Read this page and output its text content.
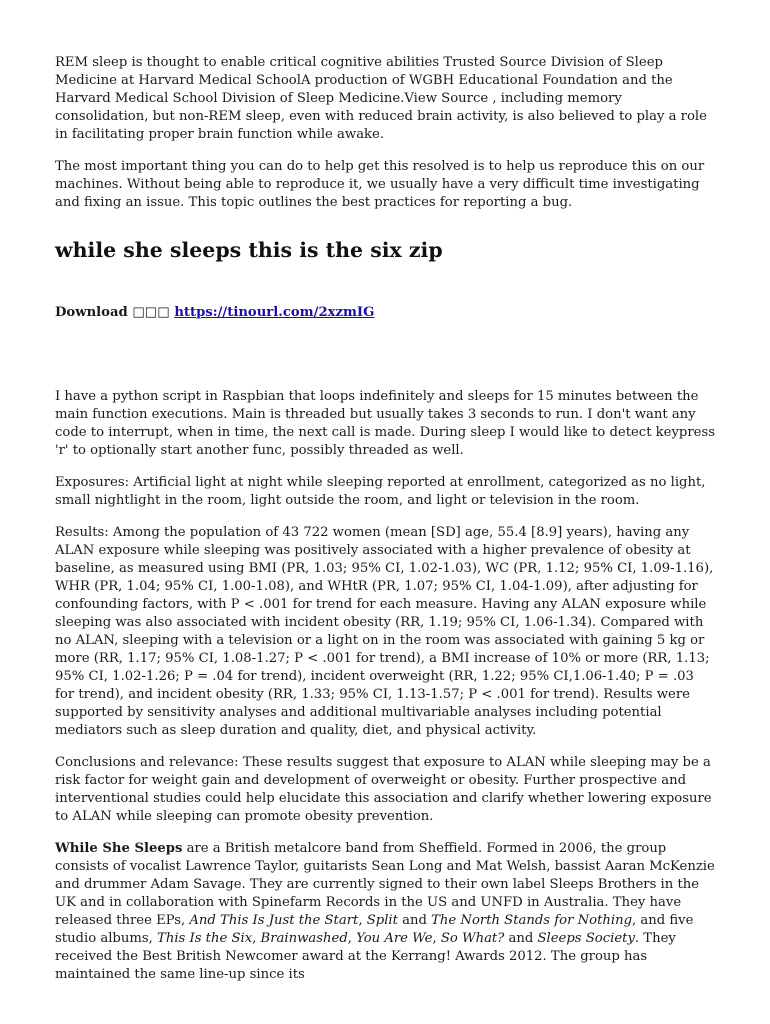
REM sleep is thought to enable critical cognitive abilities Trusted Source Division of Sleep Medicine at Harvard Medical SchoolA production of WGBH Educational Foundation and the Harvard Medical School Division of Sleep Medicine.View Source , including memory consolidation, but non-REM sleep, even with reduced brain activity, is also believed to play a role in facilitating proper brain function while awake.

The most important thing you can do to help get this resolved is to help us reproduce this on our machines. Without being able to reproduce it, we usually have a very difficult time investigating and fixing an issue. This topic outlines the best practices for reporting a bug.

while she sleeps this is the six zip
Download □□□ https://tinourl.com/2xzmIG

I have a python script in Raspbian that loops indefinitely and sleeps for 15 minutes between the main function executions. Main is threaded but usually takes 3 seconds to run. I don't want any code to interrupt, when in time, the next call is made. During sleep I would like to detect keypress 'r' to optionally start another func, possibly threaded as well.

Exposures: Artificial light at night while sleeping reported at enrollment, categorized as no light, small nightlight in the room, light outside the room, and light or television in the room.

Results: Among the population of 43 722 women (mean [SD] age, 55.4 [8.9] years), having any ALAN exposure while sleeping was positively associated with a higher prevalence of obesity at baseline, as measured using BMI (PR, 1.03; 95% CI, 1.02-1.03), WC (PR, 1.12; 95% CI, 1.09-1.16), WHR (PR, 1.04; 95% CI, 1.00-1.08), and WHtR (PR, 1.07; 95% CI, 1.04-1.09), after adjusting for confounding factors, with P < .001 for trend for each measure. Having any ALAN exposure while sleeping was also associated with incident obesity (RR, 1.19; 95% CI, 1.06-1.34). Compared with no ALAN, sleeping with a television or a light on in the room was associated with gaining 5 kg or more (RR, 1.17; 95% CI, 1.08-1.27; P < .001 for trend), a BMI increase of 10% or more (RR, 1.13; 95% CI, 1.02-1.26; P = .04 for trend), incident overweight (RR, 1.22; 95% CI,1.06-1.40; P = .03 for trend), and incident obesity (RR, 1.33; 95% CI, 1.13-1.57; P < .001 for trend). Results were supported by sensitivity analyses and additional multivariable analyses including potential mediators such as sleep duration and quality, diet, and physical activity.

Conclusions and relevance: These results suggest that exposure to ALAN while sleeping may be a risk factor for weight gain and development of overweight or obesity. Further prospective and interventional studies could help elucidate this association and clarify whether lowering exposure to ALAN while sleeping can promote obesity prevention.

While She Sleeps are a British metalcore band from Sheffield. Formed in 2006, the group consists of vocalist Lawrence Taylor, guitarists Sean Long and Mat Welsh, bassist Aaran McKenzie and drummer Adam Savage. They are currently signed to their own label Sleeps Brothers in the UK and in collaboration with Spinefarm Records in the US and UNFD in Australia. They have released three EPs, And This Is Just the Start, Split and The North Stands for Nothing, and five studio albums, This Is the Six, Brainwashed, You Are We, So What? and Sleeps Society. They received the Best British Newcomer award at the Kerrang! Awards 2012. The group has maintained the same line-up since its
